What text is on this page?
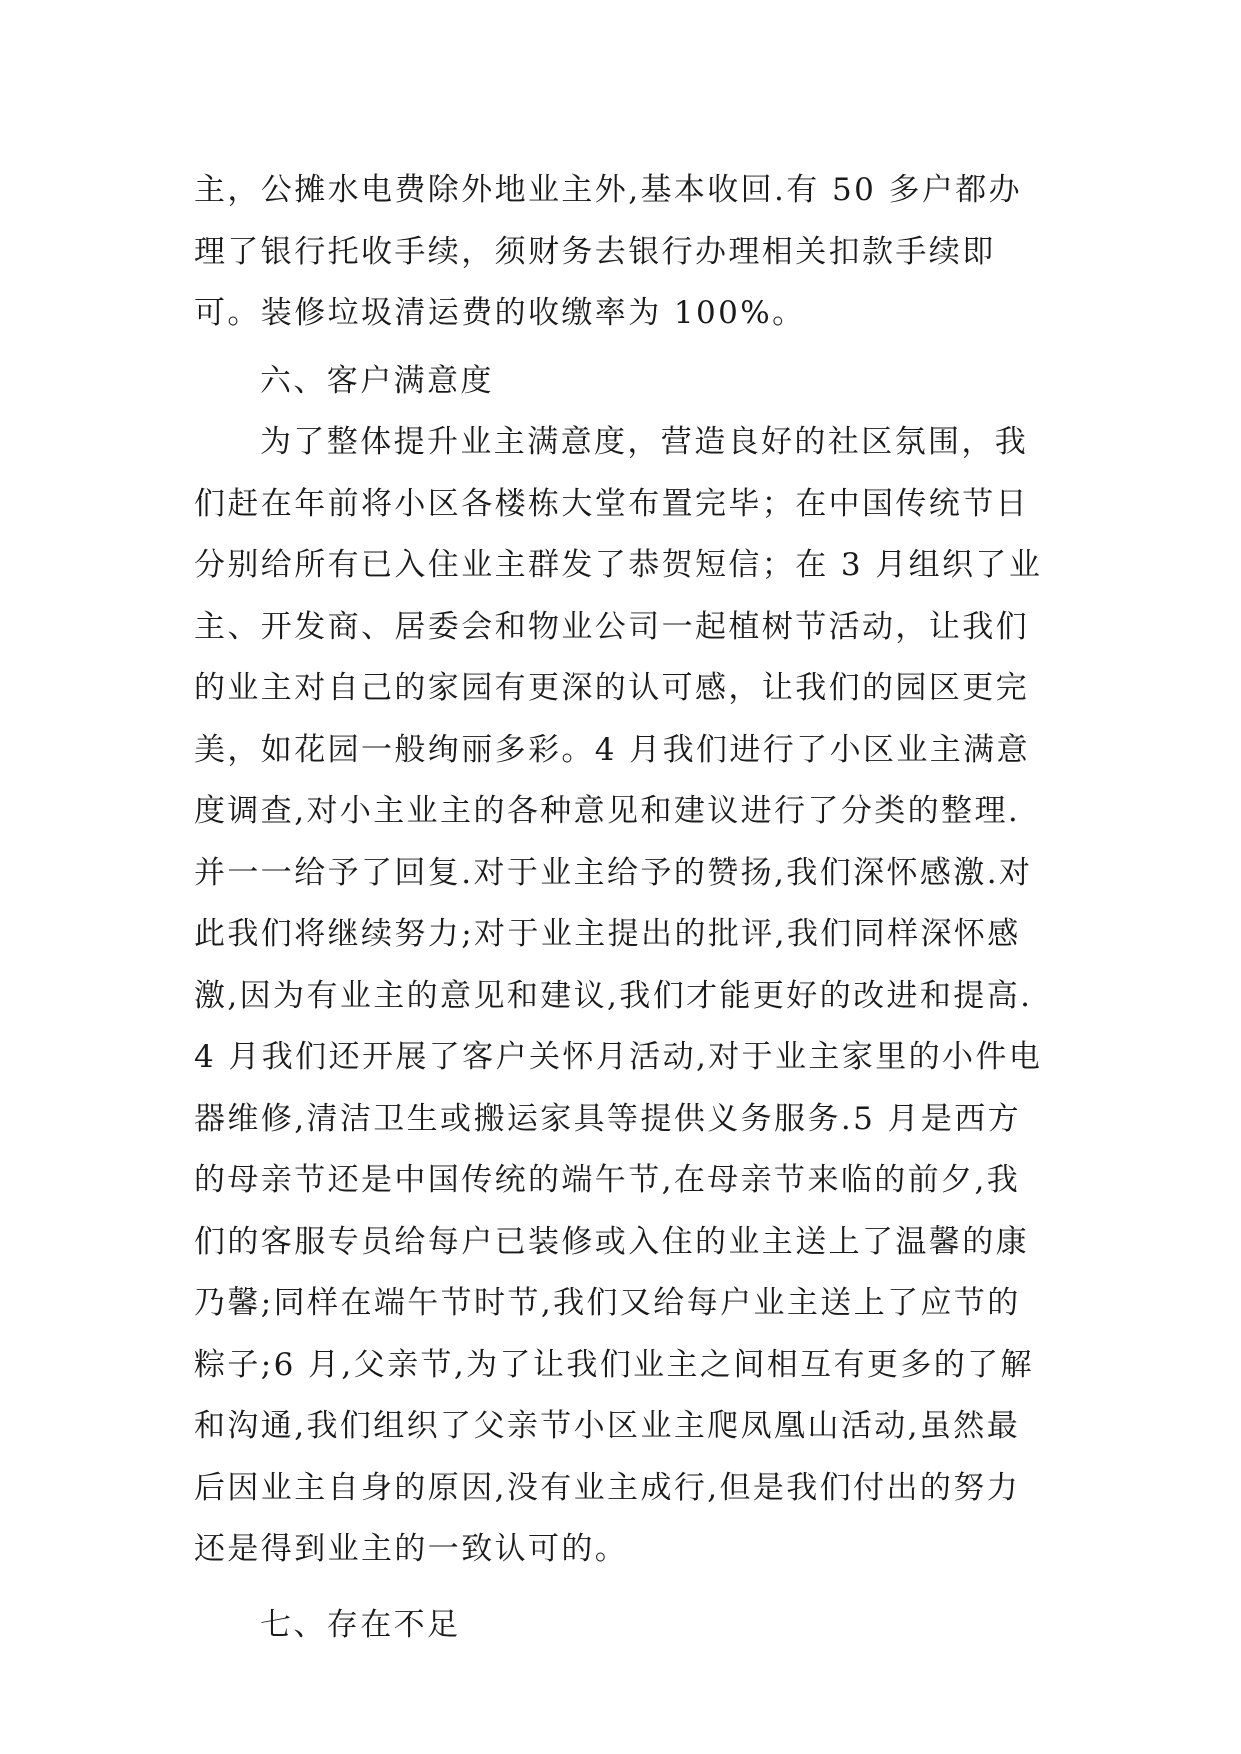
主，公摊水电费除外地业主外,基本收回.有 50 多户都办理了银行托收手续，须财务去银行办理相关扣款手续即可。装修垃圾清运费的收缴率为 100%。

六、客户满意度

为了整体提升业主满意度，营造良好的社区氛围，我们赶在年前将小区各楼栋大堂布置完毕；在中国传统节日分别给所有已入住业主群发了恭贺短信；在 3 月组织了业主、开发商、居委会和物业公司一起植树节活动，让我们的业主对自己的家园有更深的认可感，让我们的园区更完美，如花园一般绚丽多彩。4 月我们进行了小区业主满意度调查,对小主业主的各种意见和建议进行了分类的整理.并一一给予了回复.对于业主给予的赞扬,我们深怀感激.对此我们将继续努力;对于业主提出的批评,我们同样深怀感激,因为有业主的意见和建议,我们才能更好的改进和提高.4 月我们还开展了客户关怀月活动,对于业主家里的小件电器维修,清洁卫生或搬运家具等提供义务服务.5 月是西方的母亲节还是中国传统的端午节,在母亲节来临的前夕,我们的客服专员给每户已装修或入住的业主送上了温馨的康乃馨;同样在端午节时节,我们又给每户业主送上了应节的粽子;6 月,父亲节,为了让我们业主之间相互有更多的了解和沟通,我们组织了父亲节小区业主爬凤凰山活动,虽然最后因业主自身的原因,没有业主成行,但是我们付出的努力还是得到业主的一致认可的。

七、存在不足
